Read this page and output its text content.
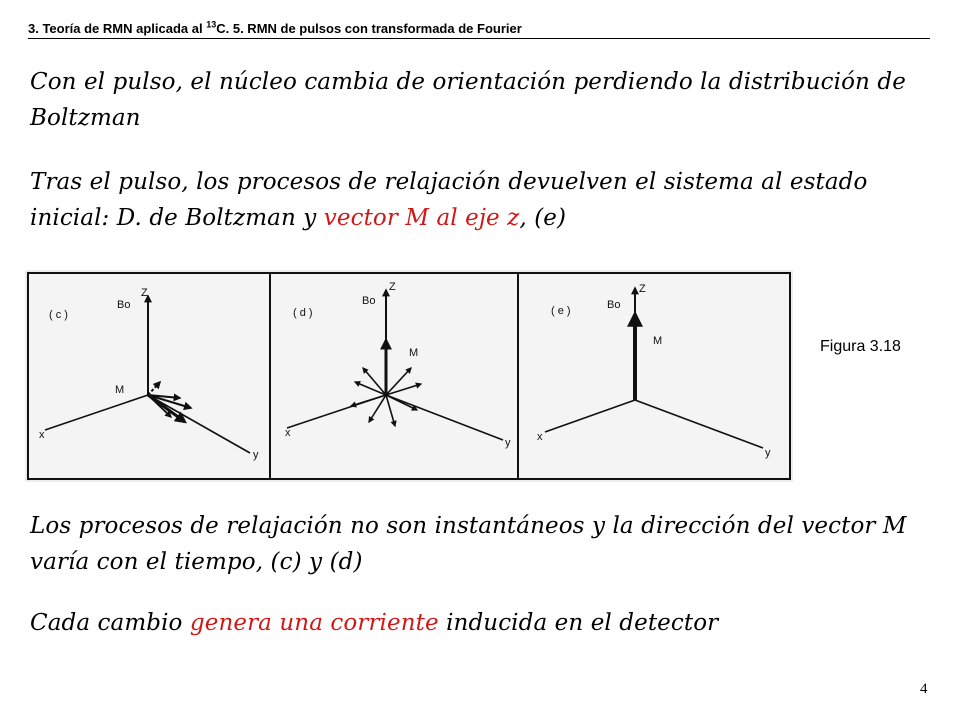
3. Teoría de RMN aplicada al $^{13}$C. 5. RMN de pulsos con transformada de Fourier
Con el pulso, el núcleo cambia de orientación perdiendo la distribución de Boltzman
Tras el pulso, los procesos de relajación devuelven el sistema al estado inicial: D. de Boltzman y vector M al eje z, (e)
( c )
Bo
Z
M
x
y
( d )
Bo
Z
M
x
y
( e )	Bo
Z
M
x
y
Figura 3.18
Los procesos de relajación no son instantáneos y la dirección del vector M varía con el tiempo, (c) y (d)
Cada cambio genera una corriente inducida en el detector
4
